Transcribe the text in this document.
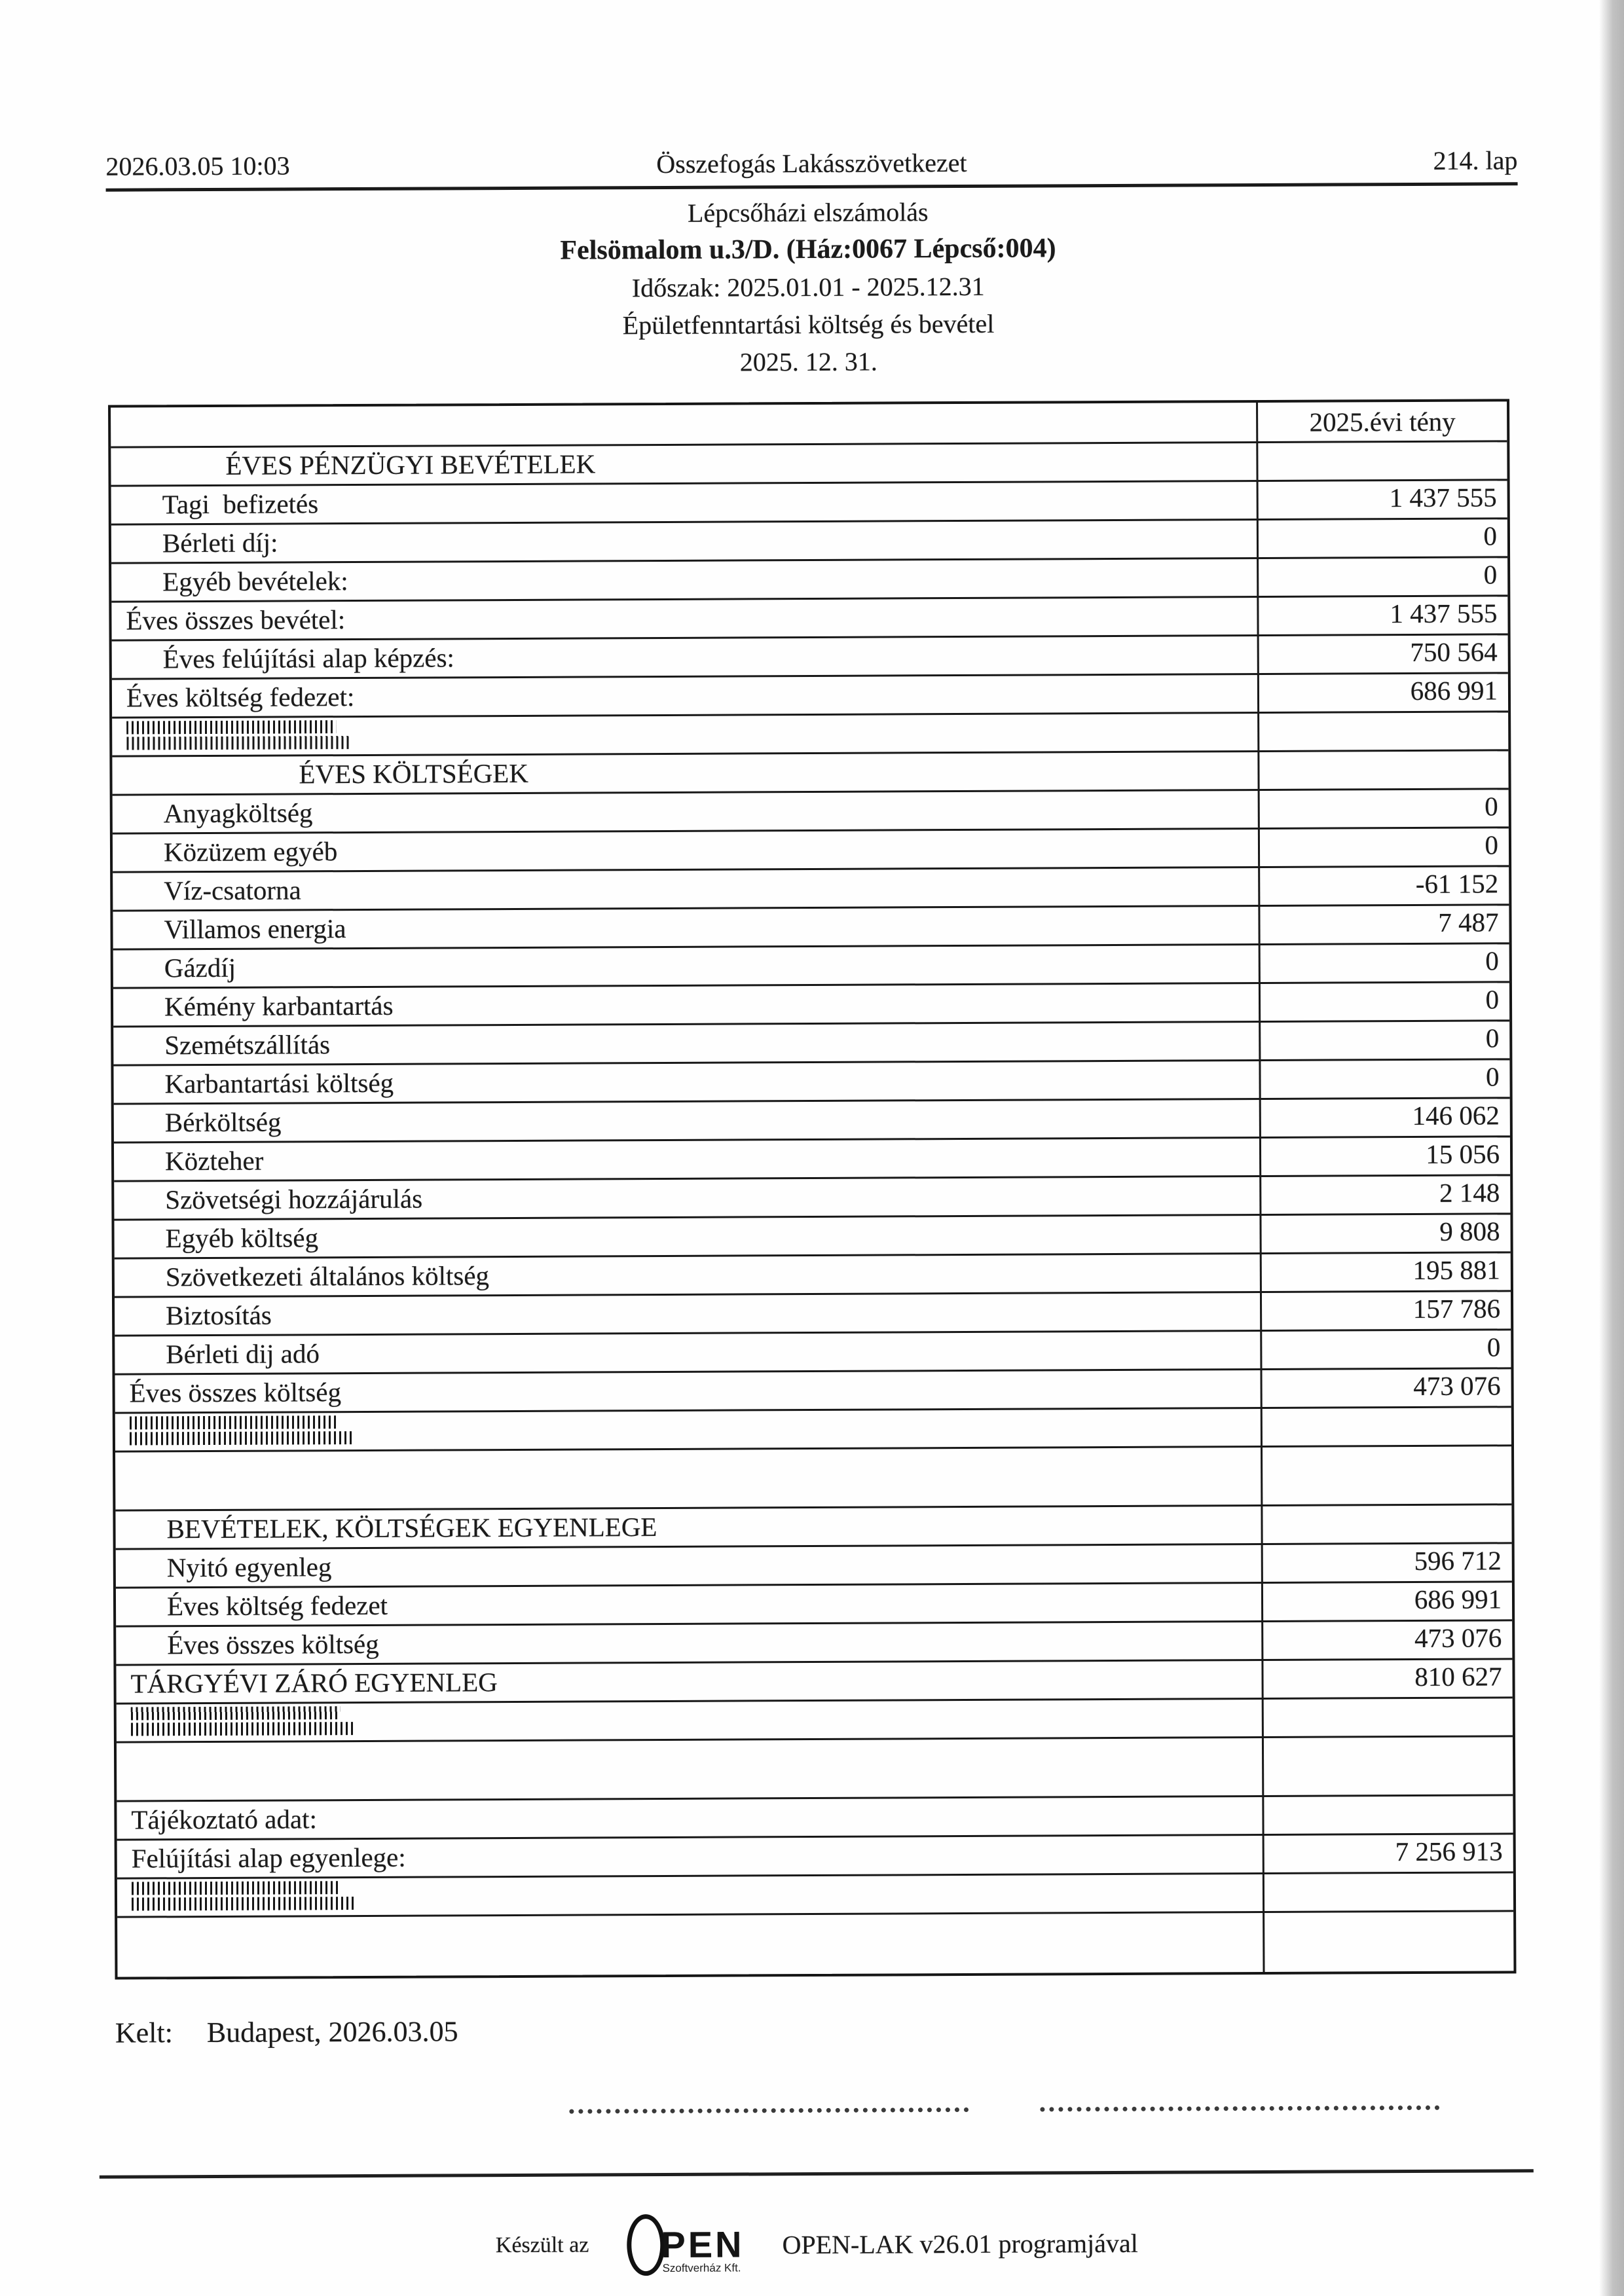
2026.03.05 10:03	Összefogás Lakásszövetkezet	214. lap
Lépcsőházi elszámolás
Felsömalom u.3/D. (Ház:0067 Lépcső:004)
Időszak: 2025.01.01 - 2025.12.31
Épületfenntartási költség és bevétel
2025. 12. 31.
2025.évi tény
ÉVES PÉNZÜGYI BEVÉTELEK
Tagi  befizetés	1 437 555
Bérleti díj:	0
Egyéb bevételek:	0
Éves összes bevétel:	1 437 555
Éves felújítási alap képzés:	750 564
Éves költség fedezet:	686 991
ÉVES KÖLTSÉGEK
Anyagköltség	0
Közüzem egyéb	0
Víz-csatorna	-61 152
Villamos energia	7 487
Gázdíj	0
Kémény karbantartás	0
Szemétszállítás	0
Karbantartási költség	0
Bérköltség	146 062
Közteher	15 056
Szövetségi hozzájárulás	2 148
Egyéb költség	9 808
Szövetkezeti általános költség	195 881
Biztosítás	157 786
Bérleti dij adó	0
Éves összes költség	473 076
BEVÉTELEK, KÖLTSÉGEK EGYENLEGE
Nyitó egyenleg	596 712
Éves költség fedezet	686 991
Éves összes költség	473 076
TÁRGYÉVI ZÁRÓ EGYENLEG	810 627
Tájékoztató adat:
Felújítási alap egyenlege:	7 256 913
Kelt: Budapest, 2026.03.05
Készült az PEN
Szoftverház Kft.
OPEN-LAK v26.01 programjával
